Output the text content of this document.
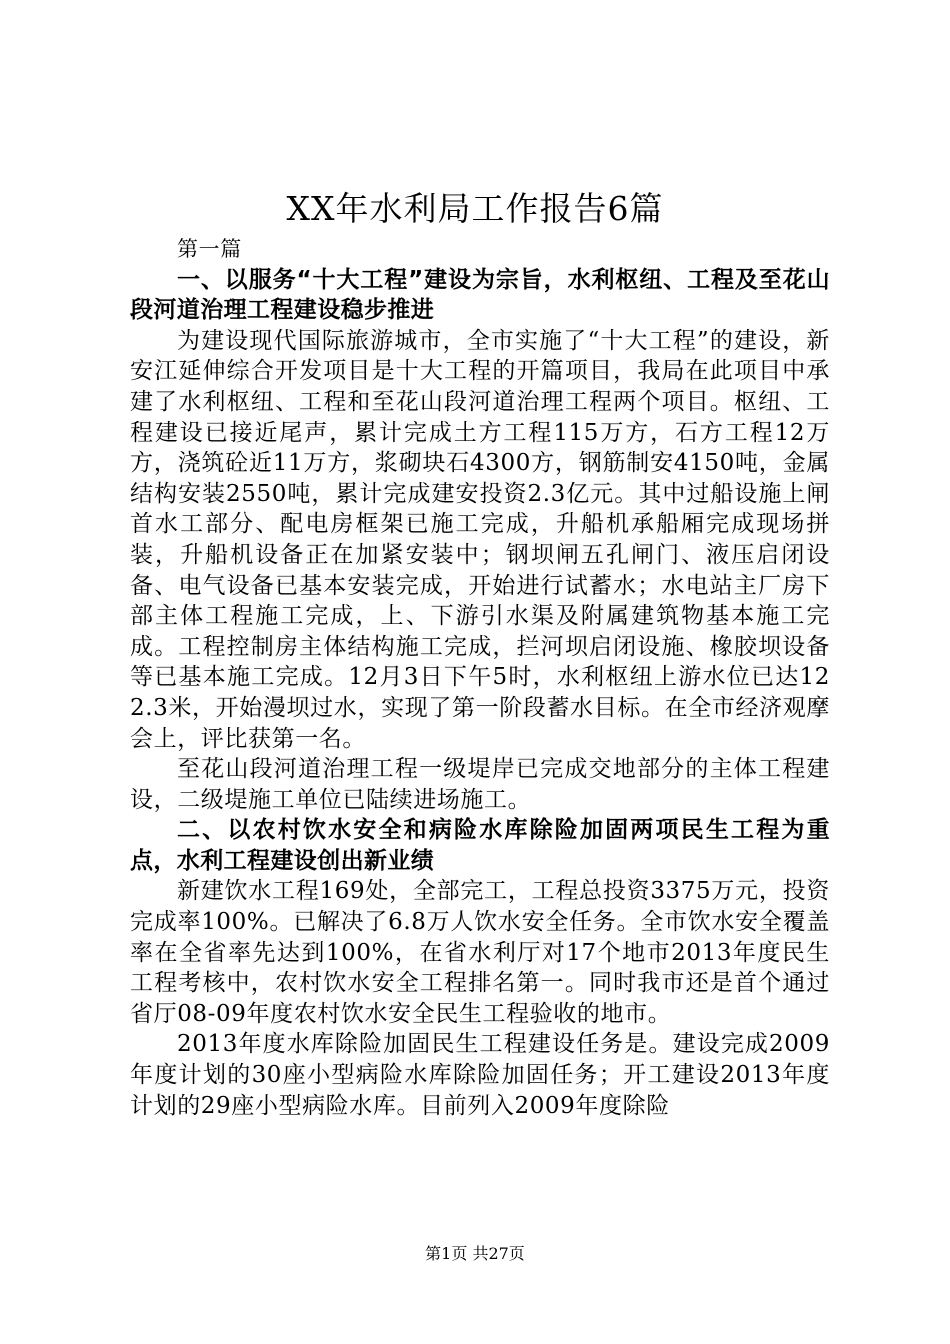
XX年水利局工作报告6篇

第一篇

一、以服务“十大工程”建设为宗旨，水利枢纽、工程及至花山段河道治理工程建设稳步推进

为建设现代国际旅游城市，全市实施了“十大工程”的建设，新安江延伸综合开发项目是十大工程的开篇项目，我局在此项目中承建了水利枢纽、工程和至花山段河道治理工程两个项目。枢纽、工程建设已接近尾声，累计完成土方工程115万方，石方工程12万方，浇筑砼近11万方，浆砌块石4300方，钢筋制安4150吨，金属结构安装2550吨，累计完成建安投资2.3亿元。其中过船设施上闸首水工部分、配电房框架已施工完成，升船机承船厢完成现场拼装，升船机设备正在加紧安装中；钢坝闸五孔闸门、液压启闭设备、电气设备已基本安装完成，开始进行试蓄水；水电站主厂房下部主体工程施工完成，上、下游引水渠及附属建筑物基本施工完成。工程控制房主体结构施工完成，拦河坝启闭设施、橡胶坝设备等已基本施工完成。12月3日下午5时，水利枢纽上游水位已达122.3米，开始漫坝过水，实现了第一阶段蓄水目标。在全市经济观摩会上，评比获第一名。

至花山段河道治理工程一级堤岸已完成交地部分的主体工程建设，二级堤施工单位已陆续进场施工。

二、以农村饮水安全和病险水库除险加固两项民生工程为重点，水利工程建设创出新业绩

新建饮水工程169处，全部完工，工程总投资3375万元，投资完成率100%。已解决了6.8万人饮水安全任务。全市饮水安全覆盖率在全省率先达到100%，在省水利厅对17个地市2013年度民生工程考核中，农村饮水安全工程排名第一。同时我市还是首个通过省厅08-09年度农村饮水安全民生工程验收的地市。

2013年度水库除险加固民生工程建设任务是。建设完成2009年度计划的30座小型病险水库除险加固任务；开工建设2013年度计划的29座小型病险水库。目前列入2009年度除险

第1页 共27页
